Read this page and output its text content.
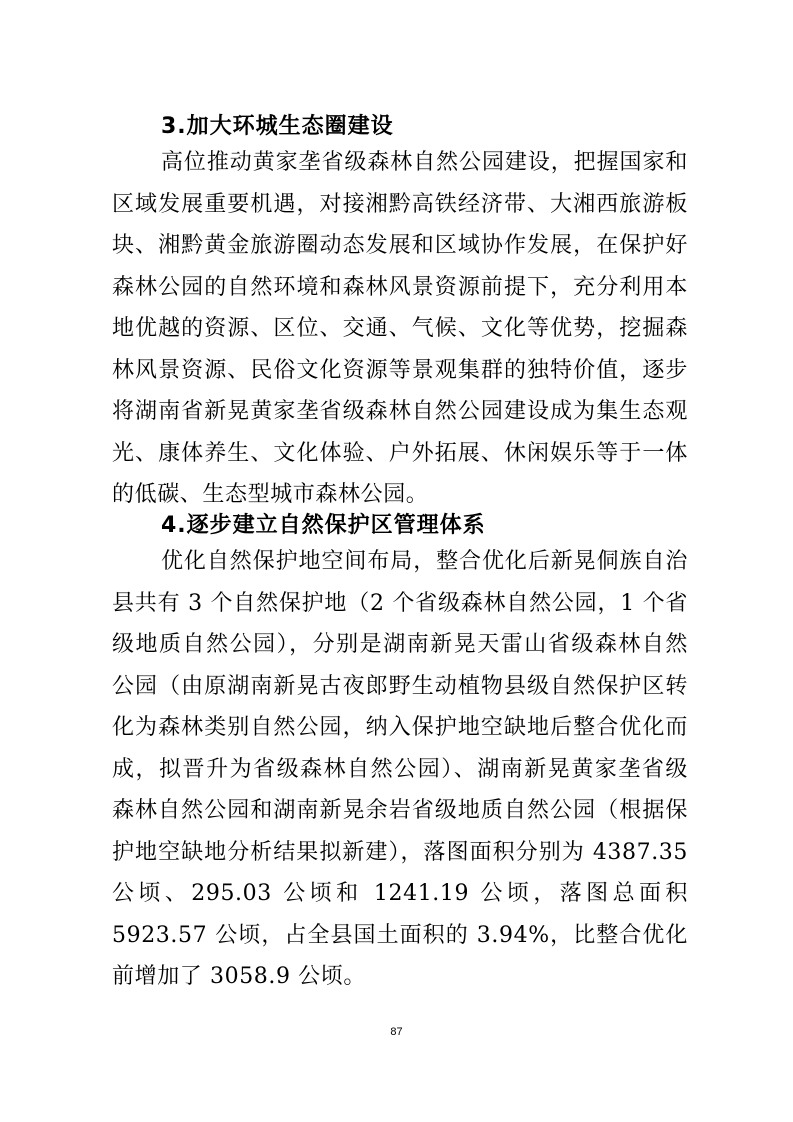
3.加大环城生态圈建设
高位推动黄家垄省级森林自然公园建设，把握国家和区域发展重要机遇，对接湘黔高铁经济带、大湘西旅游板块、湘黔黄金旅游圈动态发展和区域协作发展，在保护好森林公园的自然环境和森林风景资源前提下，充分利用本地优越的资源、区位、交通、气候、文化等优势，挖掘森林风景资源、民俗文化资源等景观集群的独特价值，逐步将湖南省新晃黄家垄省级森林自然公园建设成为集生态观光、康体养生、文化体验、户外拓展、休闲娱乐等于一体的低碳、生态型城市森林公园。
4.逐步建立自然保护区管理体系
优化自然保护地空间布局，整合优化后新晃侗族自治县共有 3 个自然保护地（2 个省级森林自然公园，1 个省级地质自然公园），分别是湖南新晃天雷山省级森林自然公园（由原湖南新晃古夜郎野生动植物县级自然保护区转化为森林类别自然公园，纳入保护地空缺地后整合优化而成，拟晋升为省级森林自然公园）、湖南新晃黄家垄省级森林自然公园和湖南新晃余岩省级地质自然公园（根据保护地空缺地分析结果拟新建），落图面积分别为 4387.35 公顷、295.03 公顷和 1241.19 公顷，落图总面积 5923.57 公顷，占全县国土面积的 3.94%，比整合优化前增加了 3058.9 公顷。
87
